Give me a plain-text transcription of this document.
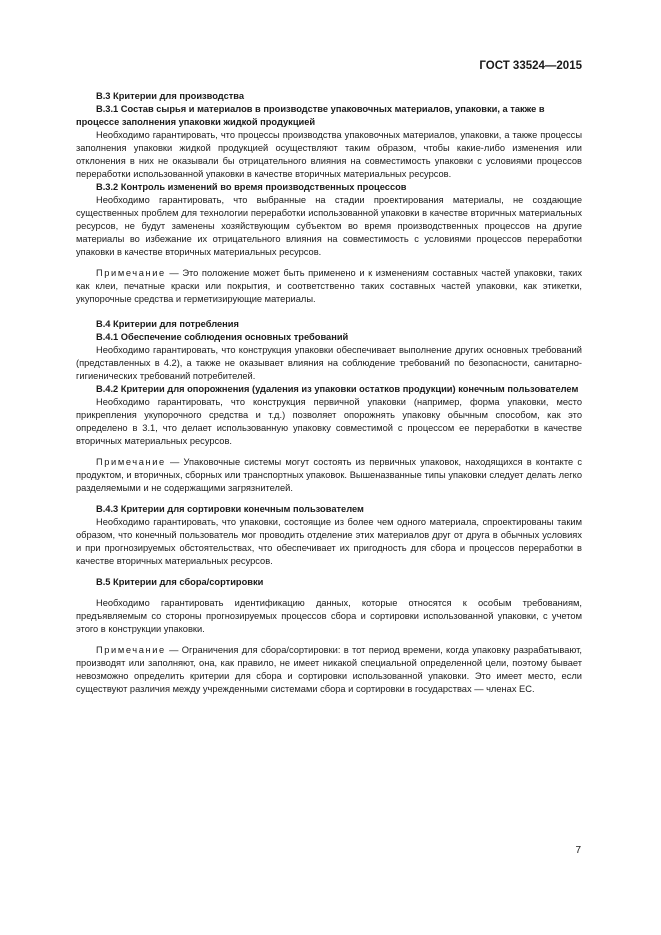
ГОСТ 33524—2015

В.3 Критерии для производства

В.3.1 Состав сырья и материалов в производстве упаковочных материалов, упаковки, а также в процессе заполнения упаковки жидкой продукцией

Необходимо гарантировать, что процессы производства упаковочных материалов, упаковки, а также процессы заполнения упаковки жидкой продукцией осуществляют таким образом, чтобы какие-либо изменения или отклонения в них не оказывали бы отрицательного влияния на совместимость упаковки с условиями процессов переработки использованной упаковки в качестве вторичных материальных ресурсов.

В.3.2 Контроль изменений во время производственных процессов

Необходимо гарантировать, что выбранные на стадии проектирования материалы, не создающие существенных проблем для технологии переработки использованной упаковки в качестве вторичных материальных ресурсов, не будут заменены хозяйствующим субъектом во время производственных процессов на другие материалы во избежание их отрицательного влияния на совместимость с условиями процессов переработки упаковки в качестве вторичных материальных ресурсов.

Примечание — Это положение может быть применено и к изменениям составных частей упаковки, таких как клеи, печатные краски или покрытия, и соответственно таких составных частей упаковки, как этикетки, укупорочные средства и герметизирующие материалы.

В.4 Критерии для потребления

В.4.1 Обеспечение соблюдения основных требований

Необходимо гарантировать, что конструкция упаковки обеспечивает выполнение других основных требований (представленных в 4.2), а также не оказывает влияния на соблюдение требований по безопасности, санитарно-гигиенических требований потребителей.

В.4.2 Критерии для опорожнения (удаления из упаковки остатков продукции) конечным пользователем

Необходимо гарантировать, что конструкция первичной упаковки (например, форма упаковки, место прикрепления укупорочного средства и т.д.) позволяет опорожнять упаковку обычным способом, как это определено в 3.1, что делает использованную упаковку совместимой с процессом ее переработки в качестве вторичных материальных ресурсов.

Примечание — Упаковочные системы могут состоять из первичных упаковок, находящихся в контакте с продуктом, и вторичных, сборных или транспортных упаковок. Вышеназванные типы упаковки следует делать легко разделяемыми и не содержащими загрязнителей.

В.4.3 Критерии для сортировки конечным пользователем

Необходимо гарантировать, что упаковки, состоящие из более чем одного материала, спроектированы таким образом, что конечный пользователь мог проводить отделение этих материалов друг от друга в обычных условиях и при прогнозируемых обстоятельствах, что обеспечивает их пригодность для сбора и процессов переработки в качестве вторичных материальных ресурсов.

В.5 Критерии для сбора/сортировки

Необходимо гарантировать идентификацию данных, которые относятся к особым требованиям, предъявляемым со стороны прогнозируемых процессов сбора и сортировки использованной упаковки, с учетом этого в конструкции упаковки.

Примечание — Ограничения для сбора/сортировки: в тот период времени, когда упаковку разрабатывают, производят или заполняют, она, как правило, не имеет никакой специальной определенной цели, поэтому бывает невозможно определить критерии для сбора и сортировки использованной упаковки. Это имеет место, если существуют различия между учрежденными системами сбора и сортировки в государствах — членах ЕС.

7
